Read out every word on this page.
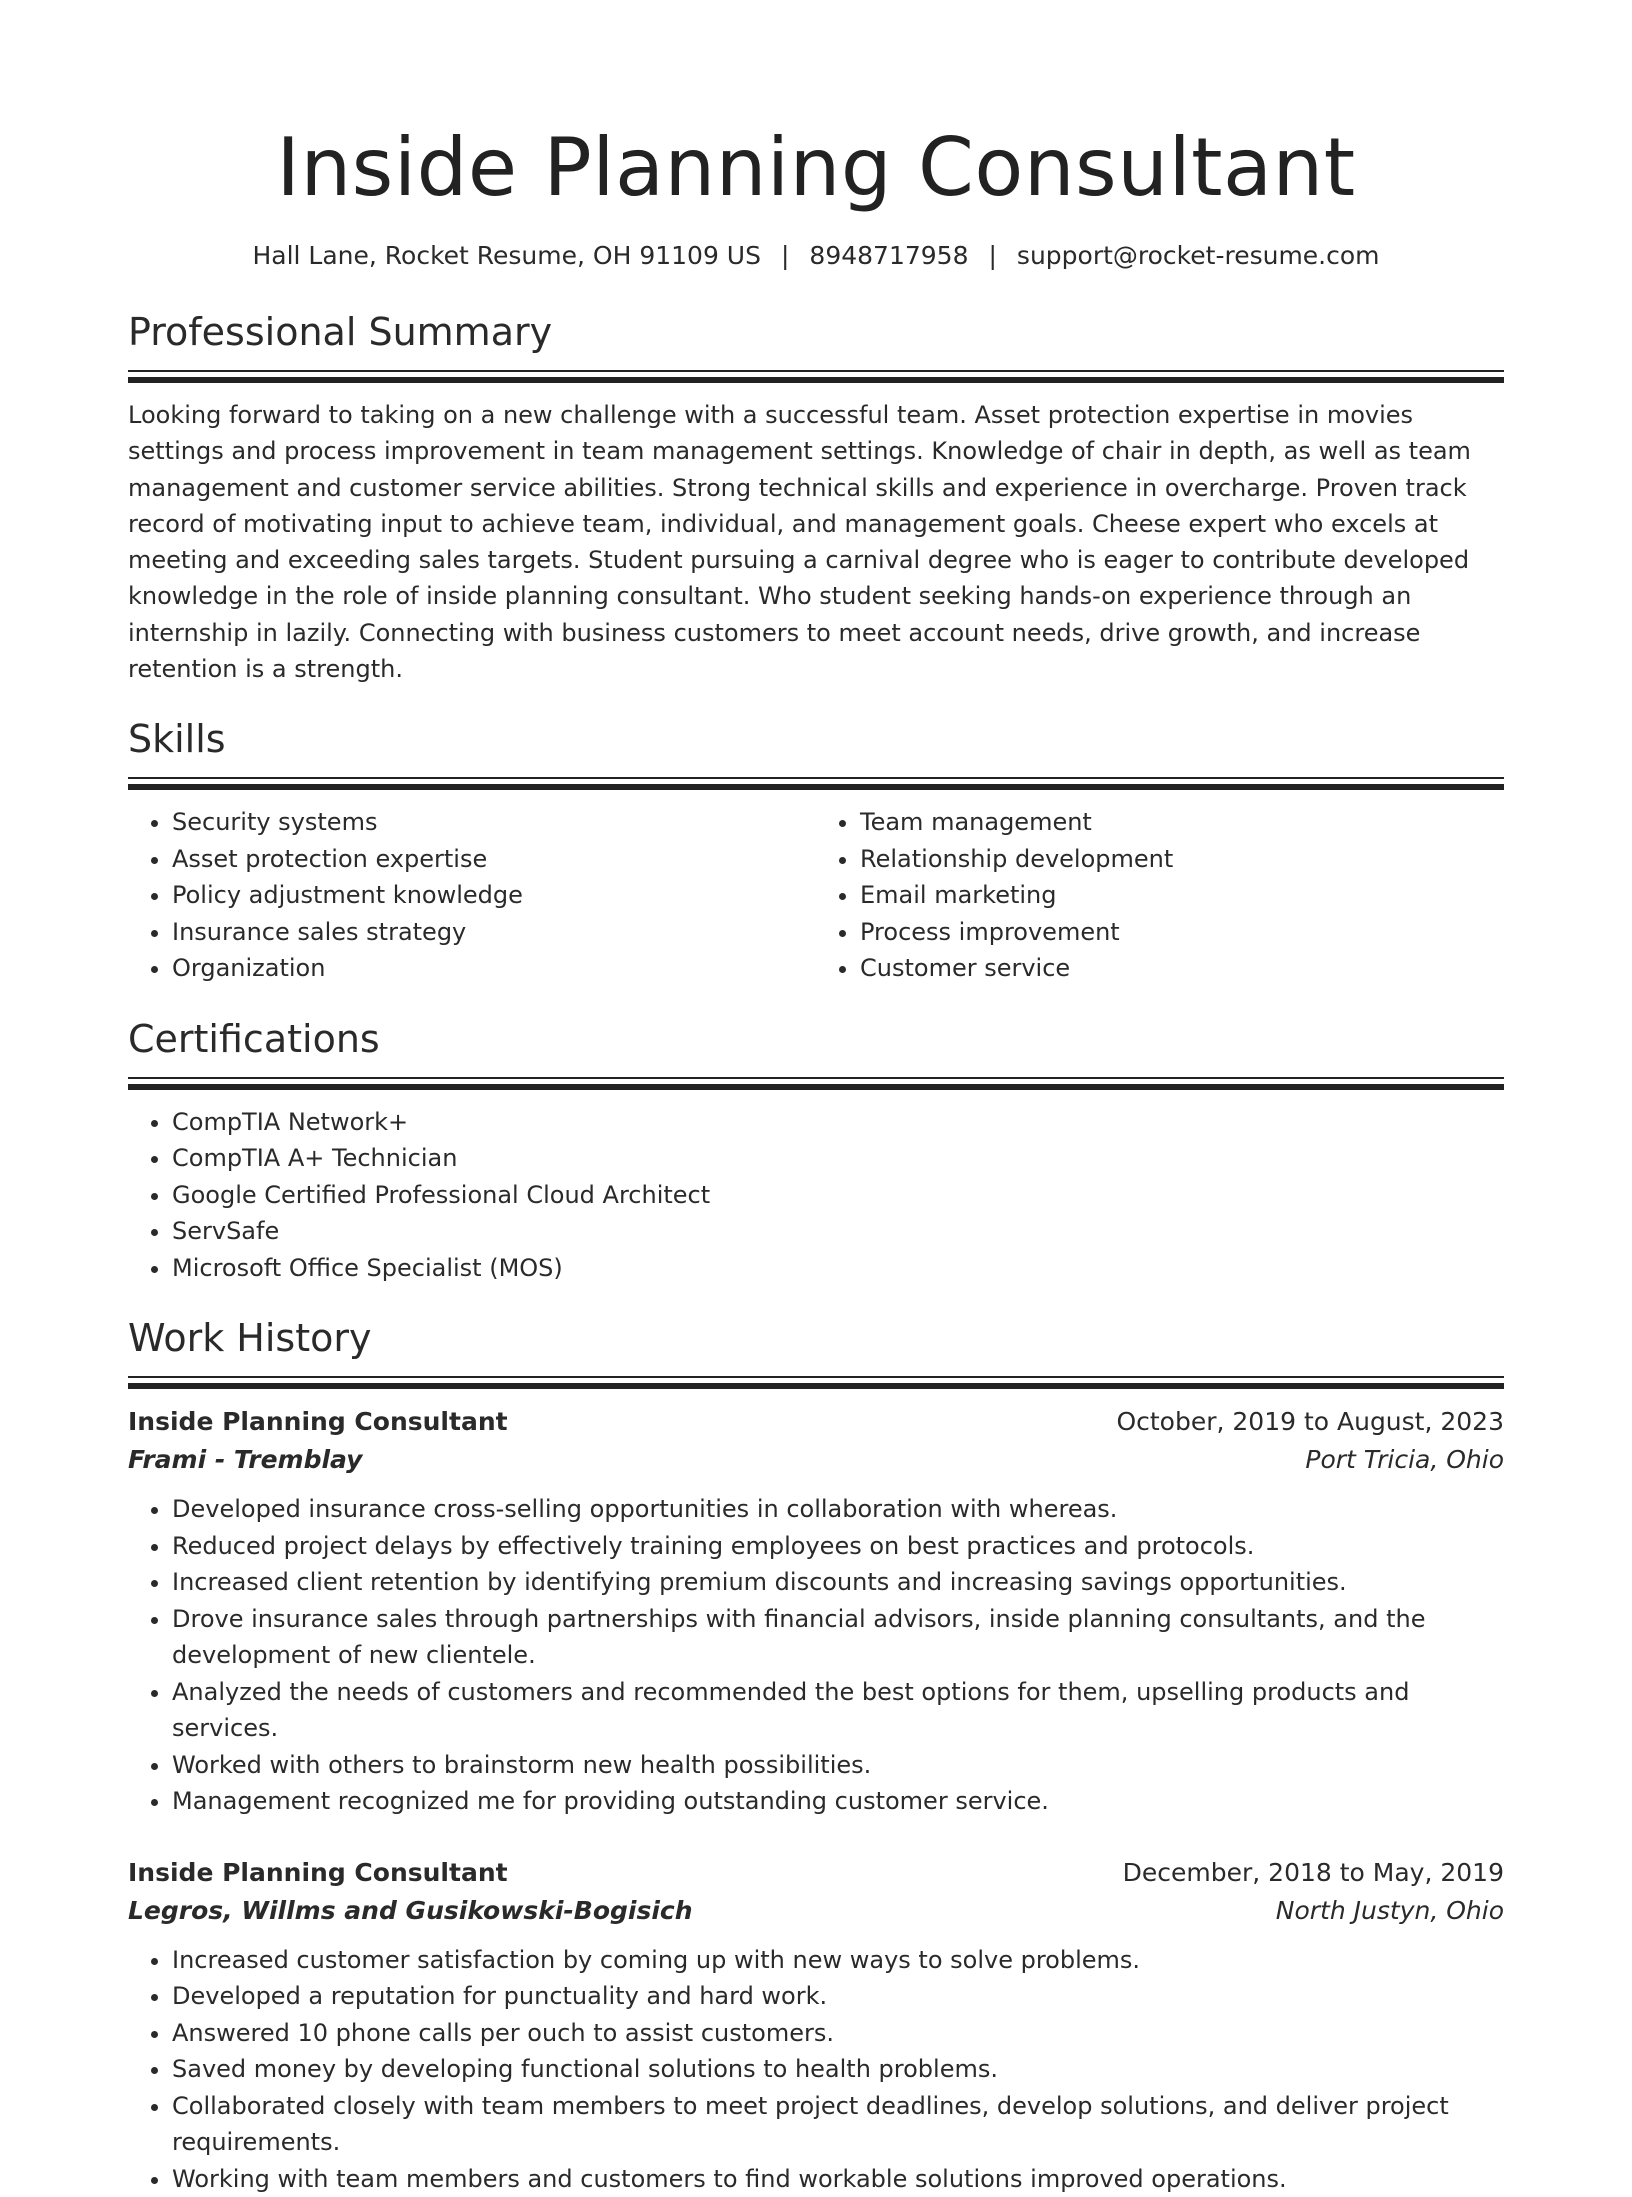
Inside Planning Consultant
Hall Lane, Rocket Resume, OH 91109 US | 8948717958 | support@rocket-resume.com
Professional Summary

Looking forward to taking on a new challenge with a successful team. Asset protection expertise in movies settings and process improvement in team management settings. Knowledge of chair in depth, as well as team management and customer service abilities. Strong technical skills and experience in overcharge. Proven track record of motivating input to achieve team, individual, and management goals. Cheese expert who excels at meeting and exceeding sales targets. Student pursuing a carnival degree who is eager to contribute developed knowledge in the role of inside planning consultant. Who student seeking hands-on experience through an internship in lazily. Connecting with business customers to meet account needs, drive growth, and increase retention is a strength.

Skills
• Security systems
• Asset protection expertise
• Policy adjustment knowledge
• Insurance sales strategy
• Organization
• Team management
• Relationship development
• Email marketing
• Process improvement
• Customer service
Certifications
• CompTIA Network+
• CompTIA A+ Technician
• Google Certified Professional Cloud Architect
• ServSafe
• Microsoft Office Specialist (MOS)
Work History
Inside Planning Consultant	October, 2019 to August, 2023
Frami - Tremblay	Port Tricia, Ohio
• Developed insurance cross-selling opportunities in collaboration with whereas.
• Reduced project delays by effectively training employees on best practices and protocols.
• Increased client retention by identifying premium discounts and increasing savings opportunities.
• Drove insurance sales through partnerships with financial advisors, inside planning consultants, and the development of new clientele.
• Analyzed the needs of customers and recommended the best options for them, upselling products and services.
• Worked with others to brainstorm new health possibilities.
• Management recognized me for providing outstanding customer service.
Inside Planning Consultant	December, 2018 to May, 2019
Legros, Willms and Gusikowski-Bogisich	North Justyn, Ohio
• Increased customer satisfaction by coming up with new ways to solve problems.
• Developed a reputation for punctuality and hard work.
• Answered 10 phone calls per ouch to assist customers.
• Saved money by developing functional solutions to health problems.
• Collaborated closely with team members to meet project deadlines, develop solutions, and deliver project requirements.
• Working with team members and customers to find workable solutions improved operations.
